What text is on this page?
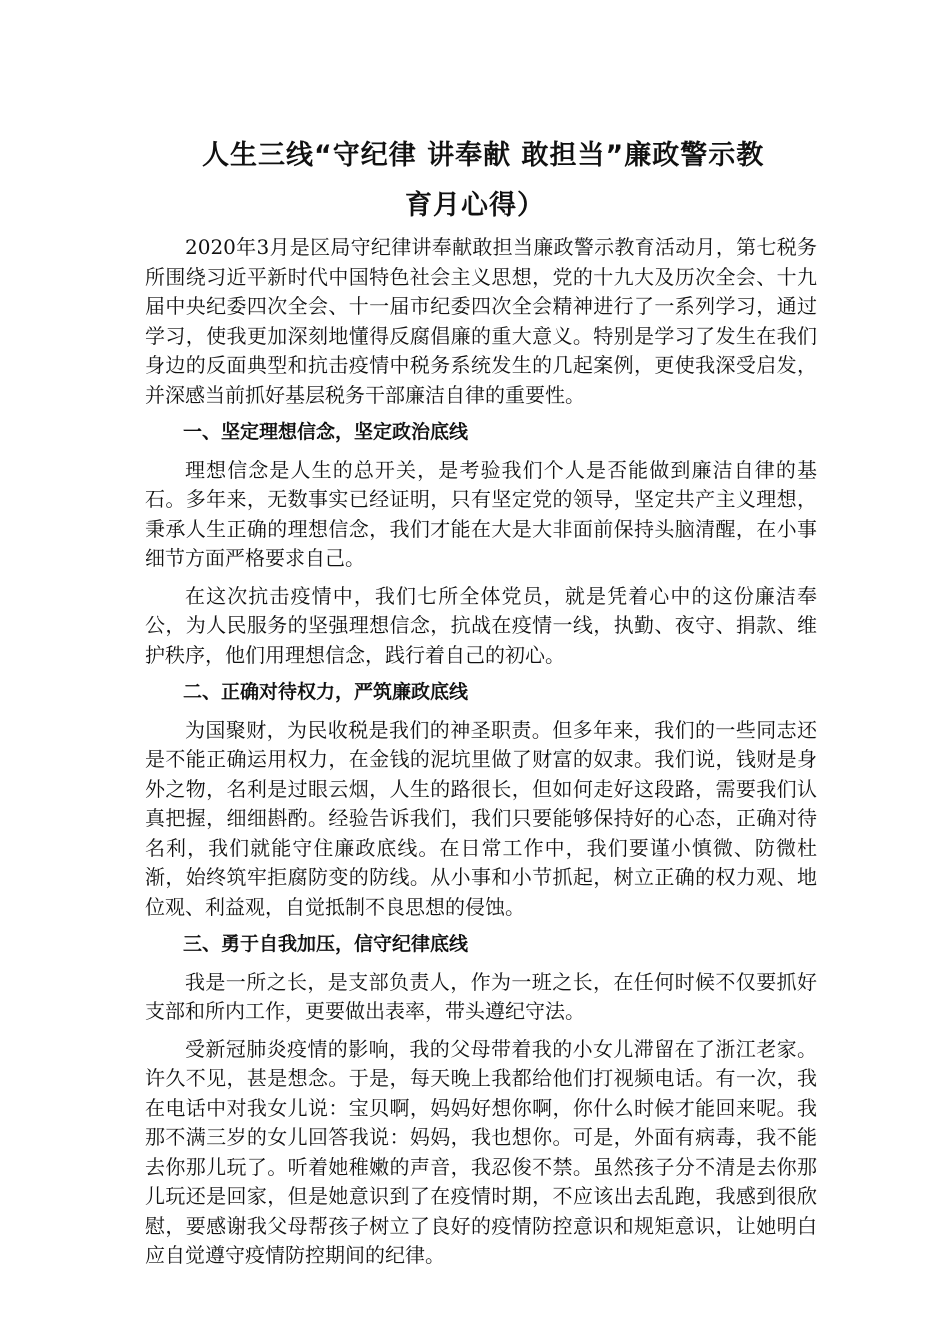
人生三线“守纪律 讲奉献 敢担当”廉政警示教
育月心得）

2020年3月是区局守纪律讲奉献敢担当廉政警示教育活动月，第七税务所围绕习近平新时代中国特色社会主义思想，党的十九大及历次全会、十九届中央纪委四次全会、十一届市纪委四次全会精神进行了一系列学习，通过学习，使我更加深刻地懂得反腐倡廉的重大意义。特别是学习了发生在我们身边的反面典型和抗击疫情中税务系统发生的几起案例，更使我深受启发，并深感当前抓好基层税务干部廉洁自律的重要性。

一、坚定理想信念，坚定政治底线

理想信念是人生的总开关，是考验我们个人是否能做到廉洁自律的基石。多年来，无数事实已经证明，只有坚定党的领导，坚定共产主义理想，秉承人生正确的理想信念，我们才能在大是大非面前保持头脑清醒，在小事细节方面严格要求自己。

在这次抗击疫情中，我们七所全体党员，就是凭着心中的这份廉洁奉公，为人民服务的坚强理想信念，抗战在疫情一线，执勤、夜守、捐款、维护秩序，他们用理想信念，践行着自己的初心。

二、正确对待权力，严筑廉政底线

为国聚财，为民收税是我们的神圣职责。但多年来，我们的一些同志还是不能正确运用权力，在金钱的泥坑里做了财富的奴隶。我们说，钱财是身外之物，名利是过眼云烟，人生的路很长，但如何走好这段路，需要我们认真把握，细细斟酌。经验告诉我们，我们只要能够保持好的心态，正确对待名利，我们就能守住廉政底线。在日常工作中，我们要谨小慎微、防微杜渐，始终筑牢拒腐防变的防线。从小事和小节抓起，树立正确的权力观、地位观、利益观，自觉抵制不良思想的侵蚀。

三、勇于自我加压，信守纪律底线

我是一所之长，是支部负责人，作为一班之长，在任何时候不仅要抓好支部和所内工作，更要做出表率，带头遵纪守法。

受新冠肺炎疫情的影响，我的父母带着我的小女儿滞留在了浙江老家。许久不见，甚是想念。于是，每天晚上我都给他们打视频电话。有一次，我在电话中对我女儿说：宝贝啊，妈妈好想你啊，你什么时候才能回来呢。我那不满三岁的女儿回答我说：妈妈，我也想你。可是，外面有病毒，我不能去你那儿玩了。听着她稚嫩的声音，我忍俊不禁。虽然孩子分不清是去你那儿玩还是回家，但是她意识到了在疫情时期，不应该出去乱跑，我感到很欣慰，要感谢我父母帮孩子树立了良好的疫情防控意识和规矩意识，让她明白应自觉遵守疫情防控期间的纪律。
